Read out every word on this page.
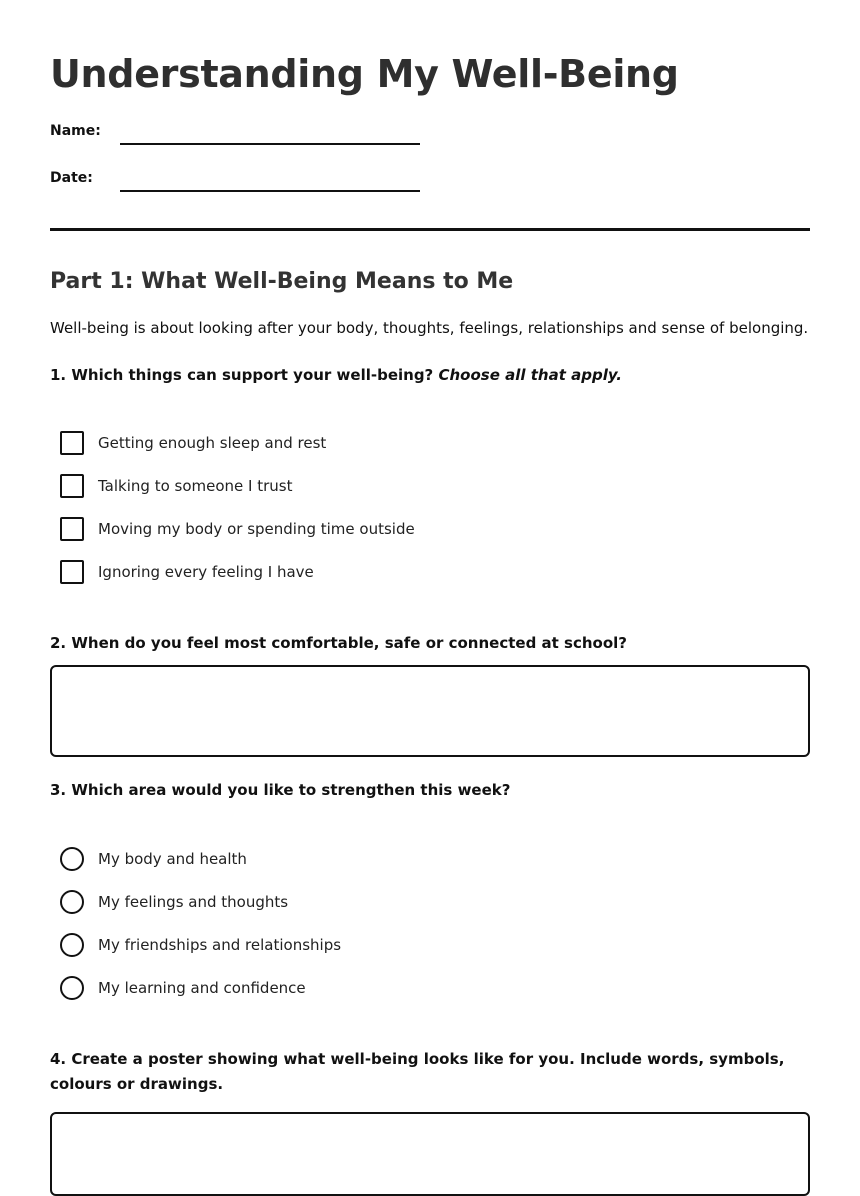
Understanding My Well-Being
Name:
Date:
Part 1: What Well-Being Means to Me

Well-being is about looking after your body, thoughts, feelings, relationships and sense of belonging.

1. Which things can support your well-being? Choose all that apply.

Getting enough sleep and rest
Talking to someone I trust
Moving my body or spending time outside
Ignoring every feeling I have

2. When do you feel most comfortable, safe or connected at school?

3. Which area would you like to strengthen this week?

My body and health
My feelings and thoughts
My friendships and relationships
My learning and confidence

4. Create a poster showing what well-being looks like for you. Include words, symbols, colours or drawings.
